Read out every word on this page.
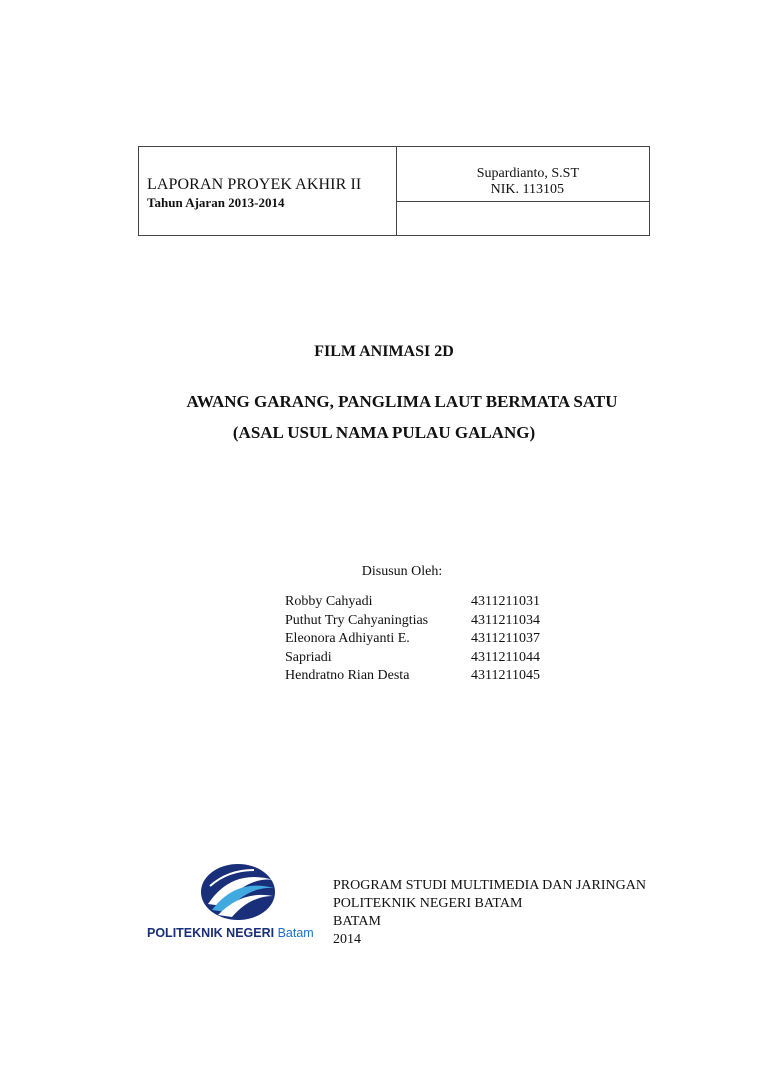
LAPORAN PROYEK AKHIR II
Tahun Ajaran 2013-2014
Supardianto, S.ST
NIK. 113105
FILM ANIMASI 2D
AWANG GARANG, PANGLIMA LAUT BERMATA SATU
(ASAL USUL NAMA PULAU GALANG)
Disusun Oleh:
Robby Cahyadi	4311211031
Puthut Try Cahyaningtias	4311211034
Eleonora Adhiyanti E.	4311211037
Sapriadi	4311211044
Hendratno Rian Desta	4311211045
POLITEKNIK NEGERI Batam
PROGRAM STUDI MULTIMEDIA DAN JARINGAN
POLITEKNIK NEGERI BATAM
BATAM
2014
